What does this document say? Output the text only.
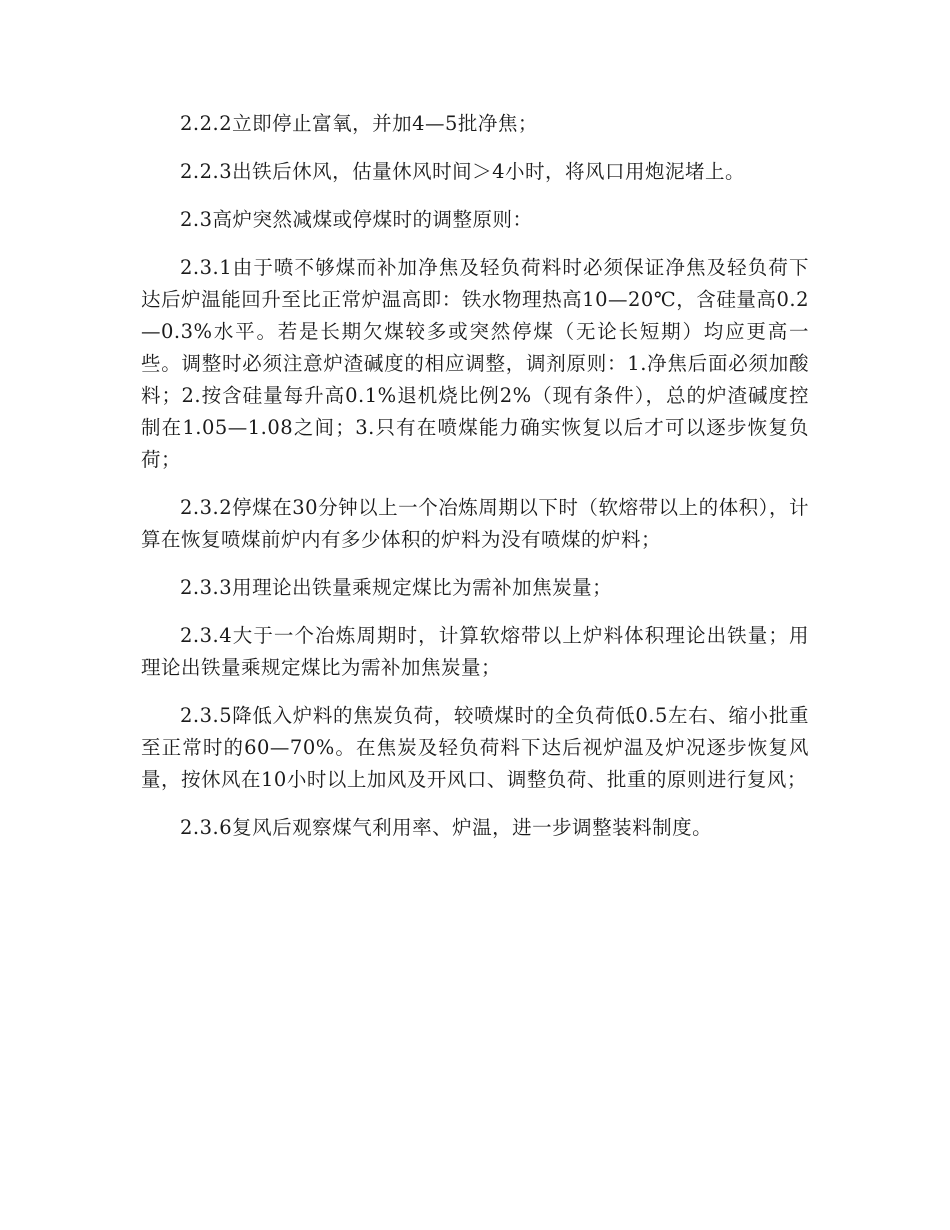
2.2.2立即停止富氧，并加4—5批净焦；

2.2.3出铁后休风，估量休风时间＞4小时，将风口用炮泥堵上。

2.3高炉突然减煤或停煤时的调整原则：

2.3.1由于喷不够煤而补加净焦及轻负荷料时必须保证净焦及轻负荷下达后炉温能回升至比正常炉温高即：铁水物理热高10—20℃，含硅量高0.2—0.3%水平。若是长期欠煤较多或突然停煤（无论长短期）均应更高一些。调整时必须注意炉渣碱度的相应调整，调剂原则：1.净焦后面必须加酸料；2.按含硅量每升高0.1%退机烧比例2%（现有条件），总的炉渣碱度控制在1.05—1.08之间；3.只有在喷煤能力确实恢复以后才可以逐步恢复负荷；

2.3.2停煤在30分钟以上一个冶炼周期以下时（软熔带以上的体积），计算在恢复喷煤前炉内有多少体积的炉料为没有喷煤的炉料；

2.3.3用理论出铁量乘规定煤比为需补加焦炭量；

2.3.4大于一个冶炼周期时，计算软熔带以上炉料体积理论出铁量；用理论出铁量乘规定煤比为需补加焦炭量；

2.3.5降低入炉料的焦炭负荷，较喷煤时的全负荷低0.5左右、缩小批重至正常时的60—70%。在焦炭及轻负荷料下达后视炉温及炉况逐步恢复风量，按休风在10小时以上加风及开风口、调整负荷、批重的原则进行复风；

2.3.6复风后观察煤气利用率、炉温，进一步调整装料制度。
